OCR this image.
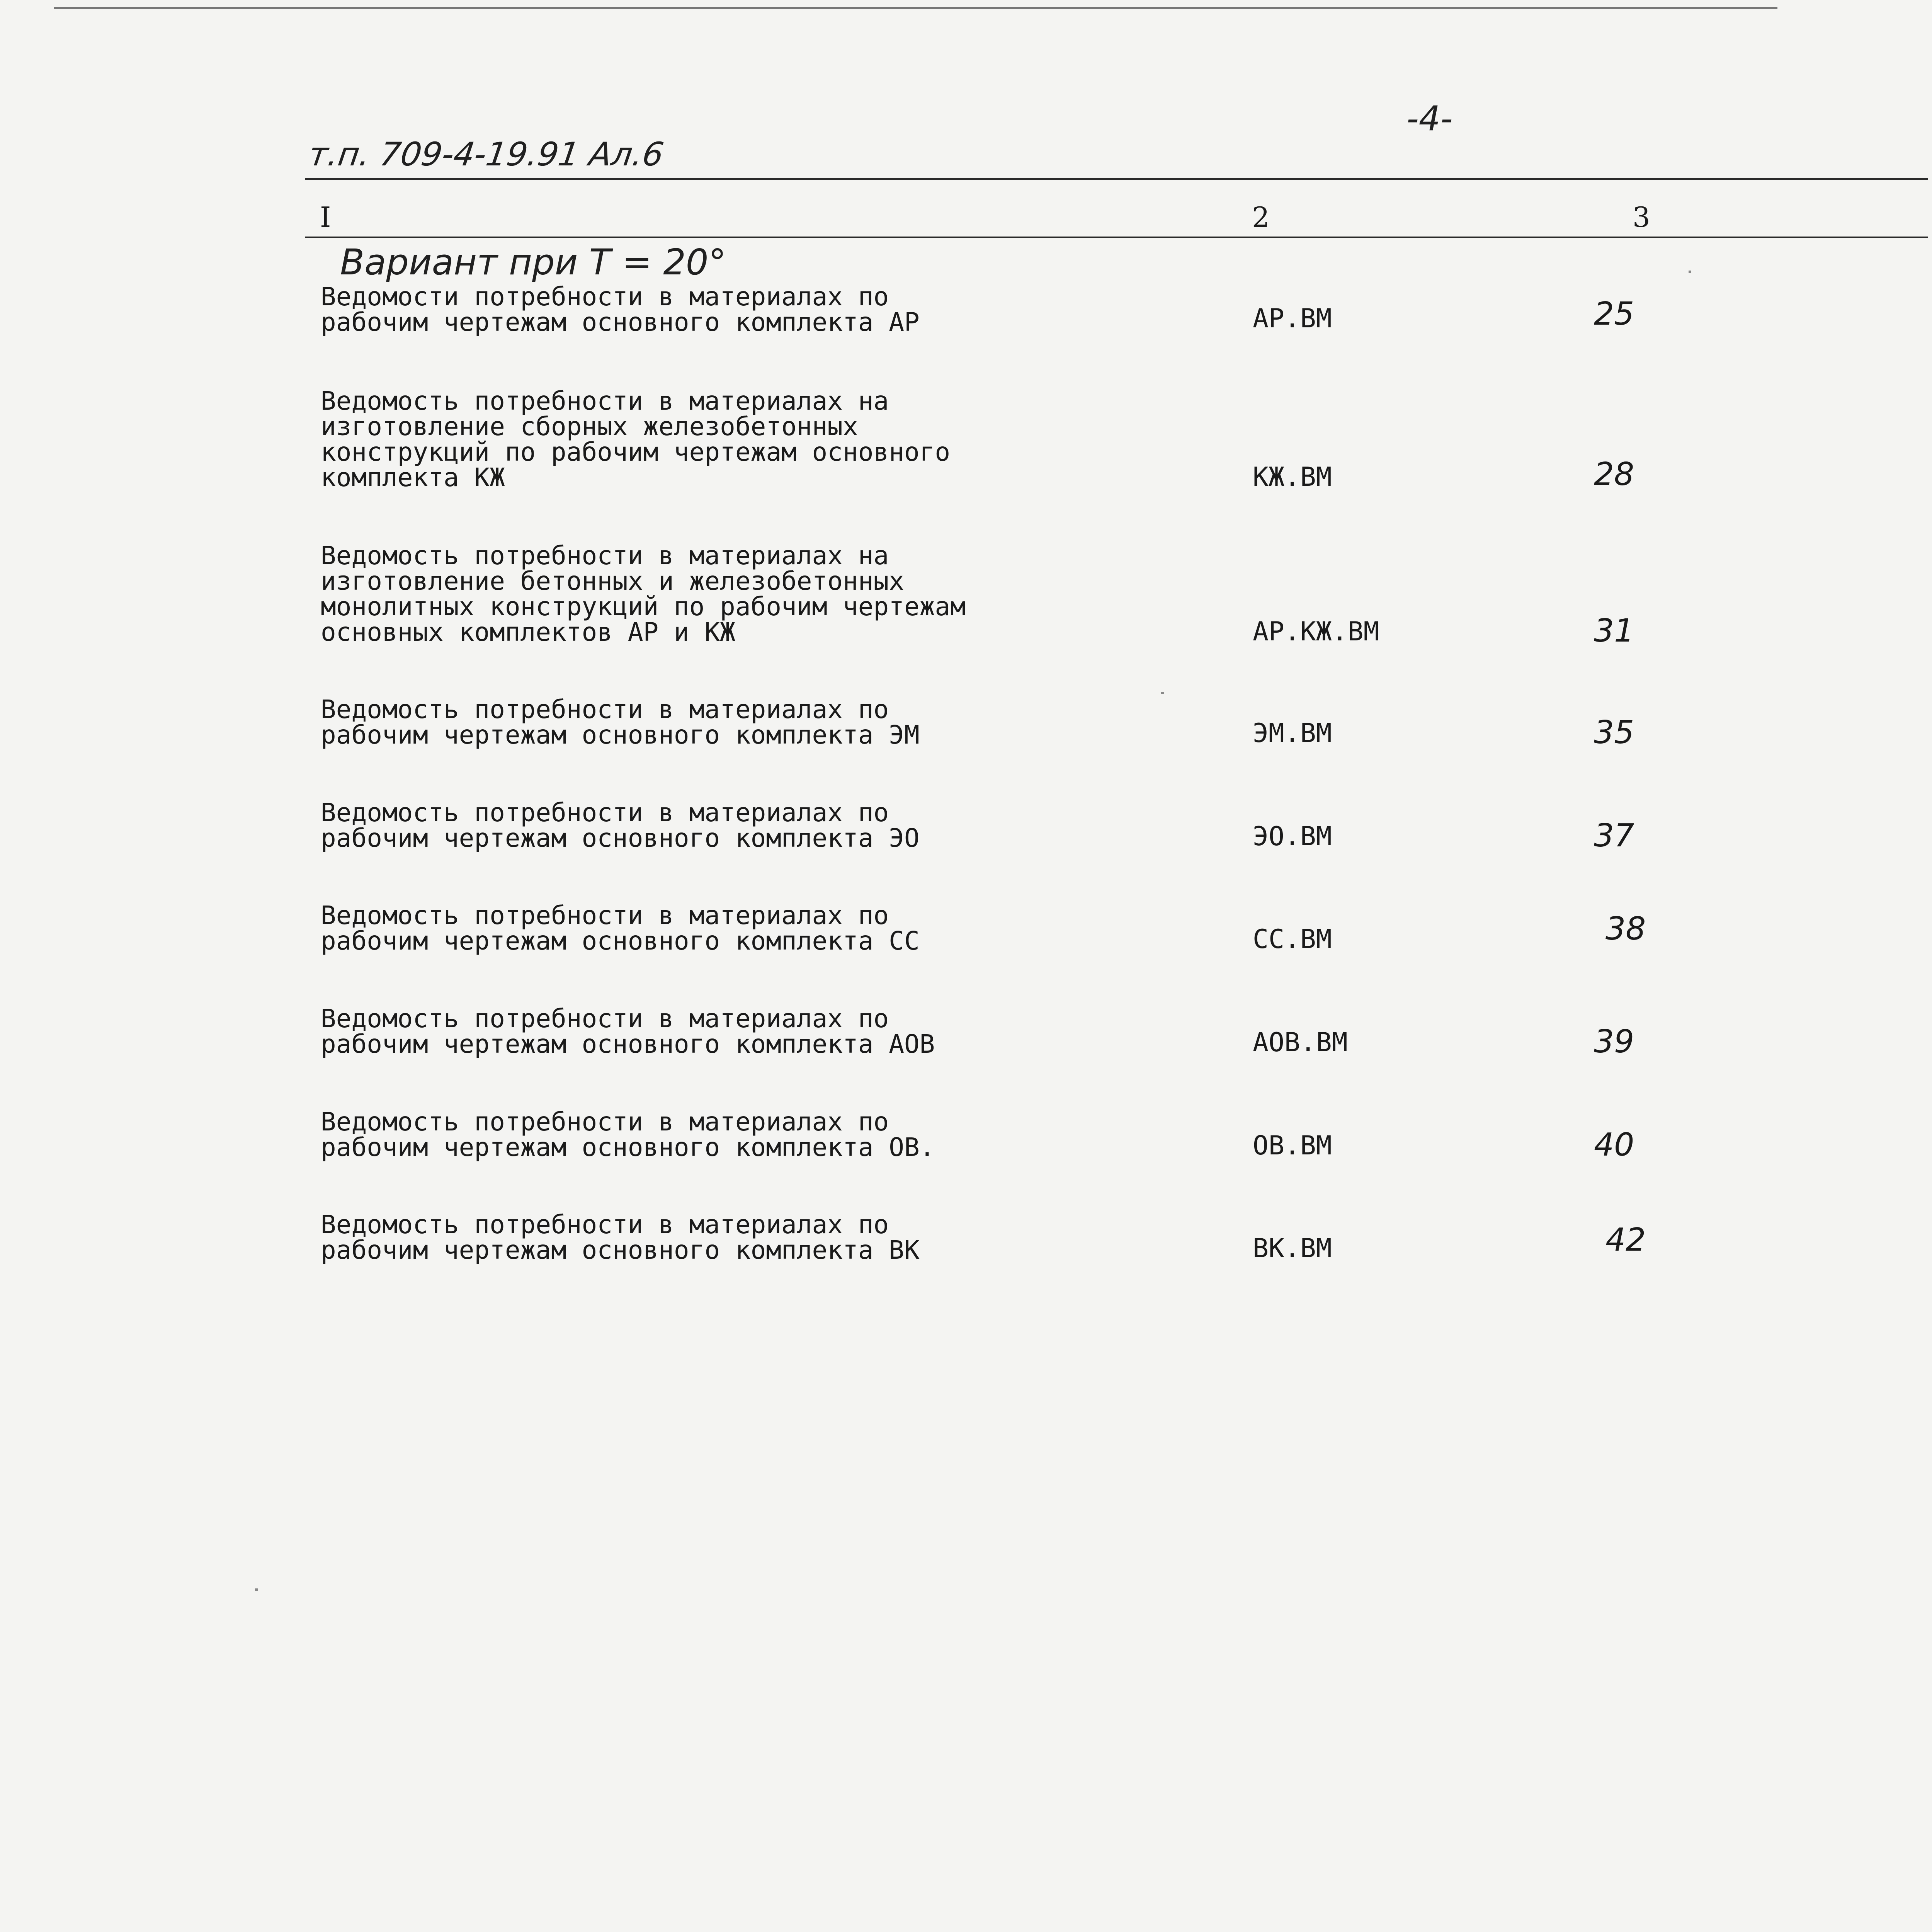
т.п. 709-4-19.91 Ал.6
-4-
I	2	3
Вариант при Т = 20°
Ведомости потребности в материалах по
рабочим чертежам основного комплекта АР	АР.ВМ	25
Ведомость потребности в материалах на
изготовление сборных железобетонных
конструкций по рабочим чертежам основного
комплекта КЖ	КЖ.ВМ	28
Ведомость потребности в материалах на
изготовление бетонных и железобетонных
монолитных конструкций по рабочим чертежам
основных комплектов АР и КЖ	АР.КЖ.ВМ	31
Ведомость потребности в материалах по
рабочим чертежам основного комплекта ЭМ	ЭМ.ВМ	35
Ведомость потребности в материалах по
рабочим чертежам основного комплекта ЭО	ЭО.ВМ	37
Ведомость потребности в материалах по
рабочим чертежам основного комплекта СС	СС.ВМ	38
Ведомость потребности в материалах по
рабочим чертежам основного комплекта АОВ	АОВ.ВМ	39
Ведомость потребности в материалах по
рабочим чертежам основного комплекта ОВ.	ОВ.ВМ	40
Ведомость потребности в материалах по
рабочим чертежам основного комплекта ВК	ВК.ВМ	42
